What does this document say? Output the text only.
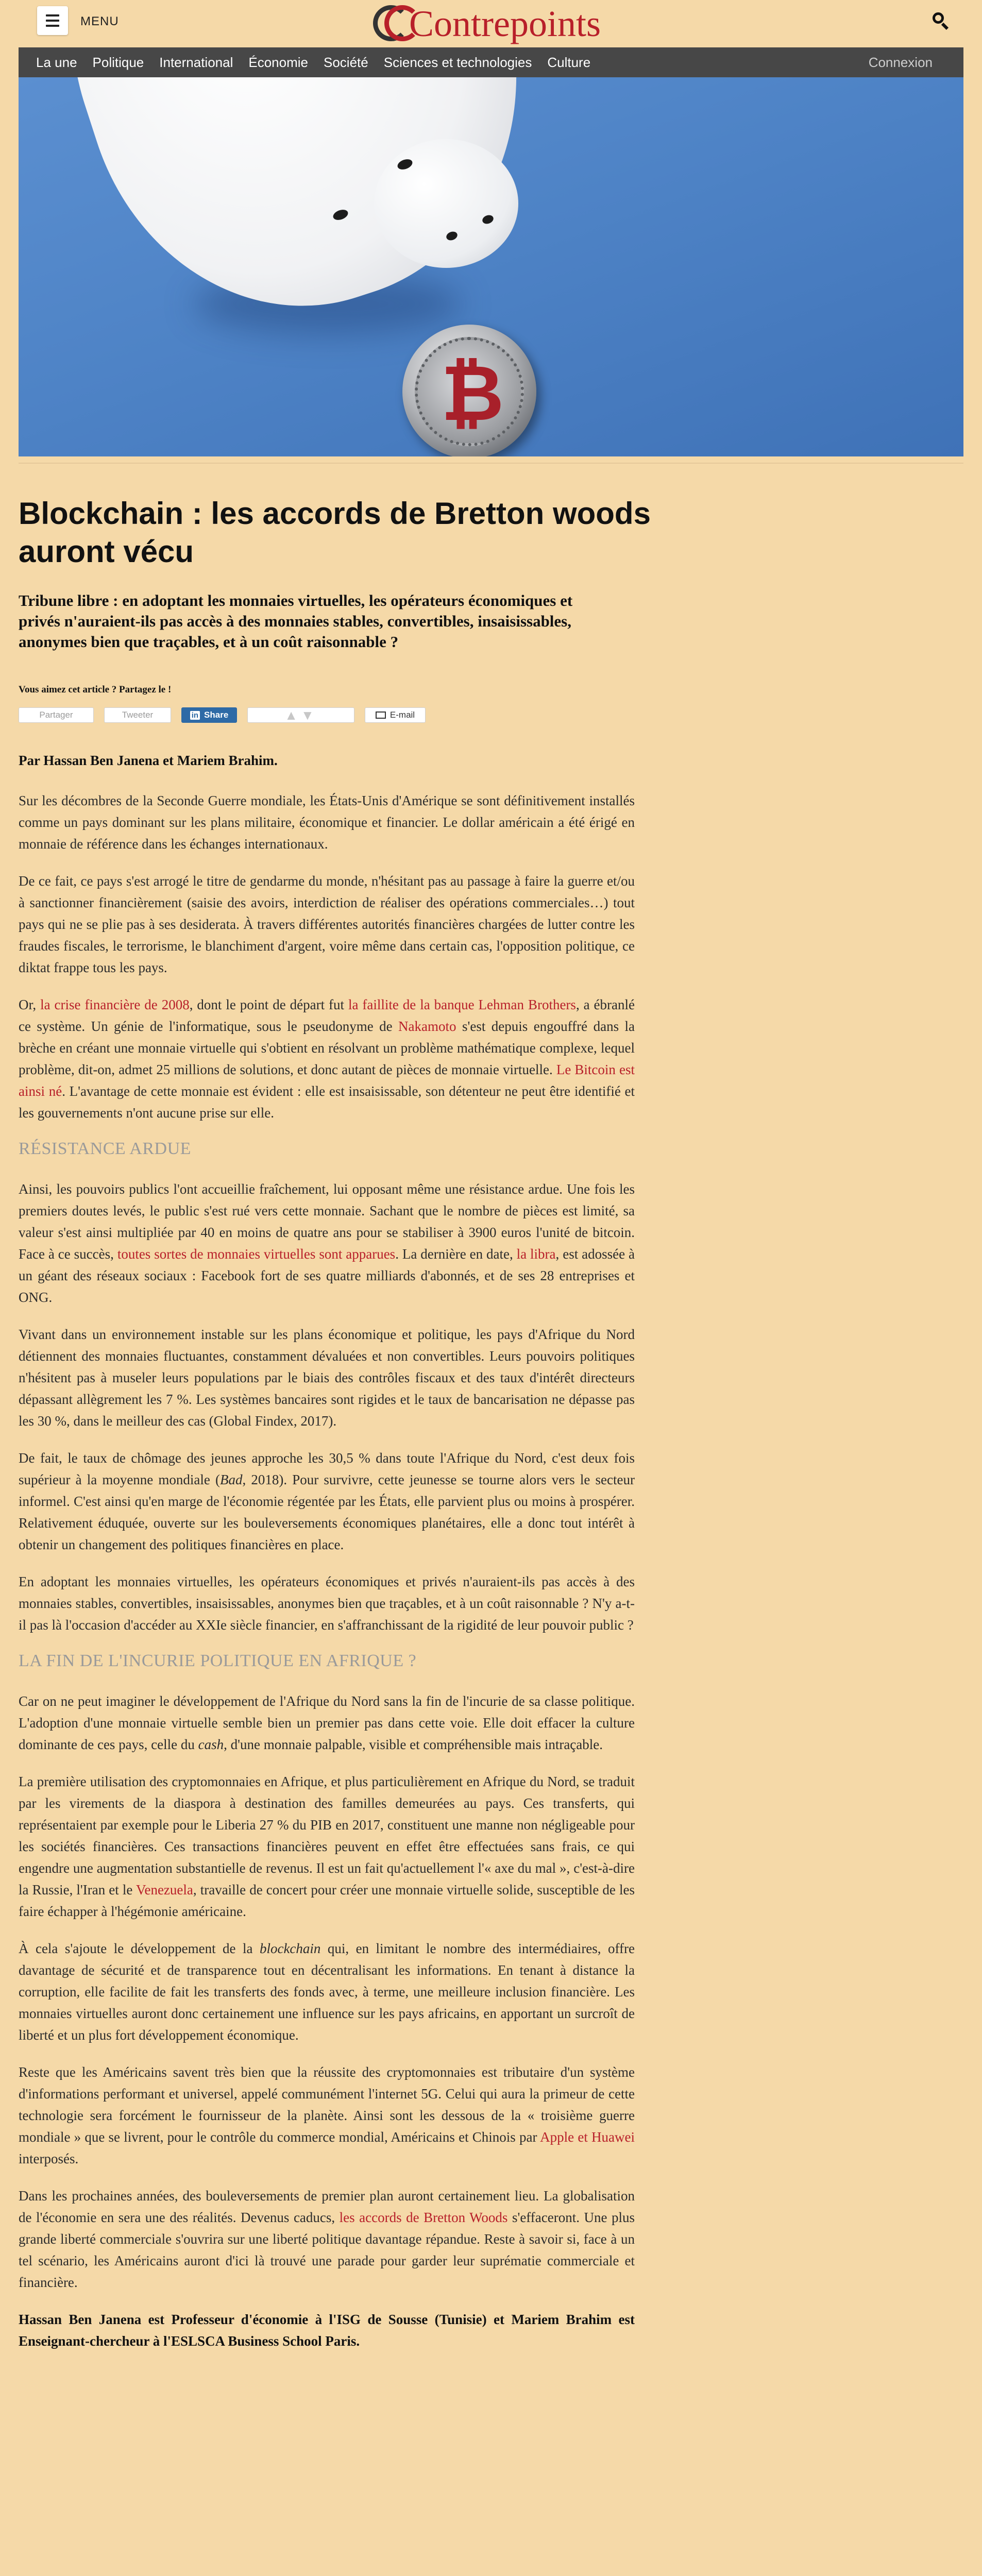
MENU	Contrepoints
La une Politique International Économie Société Sciences et technologies Culture	Connexion
₿
Blockchain : les accords de Bretton woods auront vécu

Tribune libre : en adoptant les monnaies virtuelles, les opérateurs économiques et privés n'auraient-ils pas accès à des monnaies stables, convertibles, insaisissables, anonymes bien que traçables, et à un coût raisonnable ?

Vous aimez cet article ? Partagez le !

Partager	Tweeter	in Share	▲▼	E-mail

Par Hassan Ben Janena et Mariem Brahim.

Sur les décombres de la Seconde Guerre mondiale, les États-Unis d'Amérique se sont définitivement installés comme un pays dominant sur les plans militaire, économique et financier. Le dollar américain a été érigé en monnaie de référence dans les échanges internationaux.

De ce fait, ce pays s'est arrogé le titre de gendarme du monde, n'hésitant pas au passage à faire la guerre et/ou à sanctionner financièrement (saisie des avoirs, interdiction de réaliser des opérations commerciales…) tout pays qui ne se plie pas à ses desiderata. À travers différentes autorités financières chargées de lutter contre les fraudes fiscales, le terrorisme, le blanchiment d'argent, voire même dans certain cas, l'opposition politique, ce diktat frappe tous les pays.

Or, la crise financière de 2008, dont le point de départ fut la faillite de la banque Lehman Brothers, a ébranlé ce système. Un génie de l'informatique, sous le pseudonyme de Nakamoto s'est depuis engouffré dans la brèche en créant une monnaie virtuelle qui s'obtient en résolvant un problème mathématique complexe, lequel problème, dit-on, admet 25 millions de solutions, et donc autant de pièces de monnaie virtuelle. Le Bitcoin est ainsi né. L'avantage de cette monnaie est évident : elle est insaisissable, son détenteur ne peut être identifié et les gouvernements n'ont aucune prise sur elle.

RÉSISTANCE ARDUE

Ainsi, les pouvoirs publics l'ont accueillie fraîchement, lui opposant même une résistance ardue. Une fois les premiers doutes levés, le public s'est rué vers cette monnaie. Sachant que le nombre de pièces est limité, sa valeur s'est ainsi multipliée par 40 en moins de quatre ans pour se stabiliser à 3900 euros l'unité de bitcoin. Face à ce succès, toutes sortes de monnaies virtuelles sont apparues. La dernière en date, la libra, est adossée à un géant des réseaux sociaux : Facebook fort de ses quatre milliards d'abonnés, et de ses 28 entreprises et ONG.

Vivant dans un environnement instable sur les plans économique et politique, les pays d'Afrique du Nord détiennent des monnaies fluctuantes, constamment dévaluées et non convertibles. Leurs pouvoirs politiques n'hésitent pas à museler leurs populations par le biais des contrôles fiscaux et des taux d'intérêt directeurs dépassant allègrement les 7 %. Les systèmes bancaires sont rigides et le taux de bancarisation ne dépasse pas les 30 %, dans le meilleur des cas (Global Findex, 2017).

De fait, le taux de chômage des jeunes approche les 30,5 % dans toute l'Afrique du Nord, c'est deux fois supérieur à la moyenne mondiale (Bad, 2018). Pour survivre, cette jeunesse se tourne alors vers le secteur informel. C'est ainsi qu'en marge de l'économie régentée par les États, elle parvient plus ou moins à prospérer. Relativement éduquée, ouverte sur les bouleversements économiques planétaires, elle a donc tout intérêt à obtenir un changement des politiques financières en place.

En adoptant les monnaies virtuelles, les opérateurs économiques et privés n'auraient-ils pas accès à des monnaies stables, convertibles, insaisissables, anonymes bien que traçables, et à un coût raisonnable ? N'y a-t-il pas là l'occasion d'accéder au XXIe siècle financier, en s'affranchissant de la rigidité de leur pouvoir public ?

LA FIN DE L'INCURIE POLITIQUE EN AFRIQUE ?

Car on ne peut imaginer le développement de l'Afrique du Nord sans la fin de l'incurie de sa classe politique. L'adoption d'une monnaie virtuelle semble bien un premier pas dans cette voie. Elle doit effacer la culture dominante de ces pays, celle du cash, d'une monnaie palpable, visible et compréhensible mais intraçable.

La première utilisation des cryptomonnaies en Afrique, et plus particulièrement en Afrique du Nord, se traduit par les virements de la diaspora à destination des familles demeurées au pays. Ces transferts, qui représentaient par exemple pour le Liberia 27 % du PIB en 2017, constituent une manne non négligeable pour les sociétés financières. Ces transactions financières peuvent en effet être effectuées sans frais, ce qui engendre une augmentation substantielle de revenus. Il est un fait qu'actuellement l'« axe du mal », c'est-à-dire la Russie, l'Iran et le Venezuela, travaille de concert pour créer une monnaie virtuelle solide, susceptible de les faire échapper à l'hégémonie américaine.

À cela s'ajoute le développement de la blockchain qui, en limitant le nombre des intermédiaires, offre davantage de sécurité et de transparence tout en décentralisant les informations. En tenant à distance la corruption, elle facilite de fait les transferts des fonds avec, à terme, une meilleure inclusion financière. Les monnaies virtuelles auront donc certainement une influence sur les pays africains, en apportant un surcroît de liberté et un plus fort développement économique.

Reste que les Américains savent très bien que la réussite des cryptomonnaies est tributaire d'un système d'informations performant et universel, appelé communément l'internet 5G. Celui qui aura la primeur de cette technologie sera forcément le fournisseur de la planète. Ainsi sont les dessous de la « troisième guerre mondiale » que se livrent, pour le contrôle du commerce mondial, Américains et Chinois par Apple et Huawei interposés.

Dans les prochaines années, des bouleversements de premier plan auront certainement lieu. La globalisation de l'économie en sera une des réalités. Devenus caducs, les accords de Bretton Woods s'effaceront. Une plus grande liberté commerciale s'ouvrira sur une liberté politique davantage répandue. Reste à savoir si, face à un tel scénario, les Américains auront d'ici là trouvé une parade pour garder leur suprématie commerciale et financière.

Hassan Ben Janena est Professeur d'économie à l'ISG de Sousse (Tunisie) et Mariem Brahim est Enseignant-chercheur à l'ESLSCA Business School Paris.
